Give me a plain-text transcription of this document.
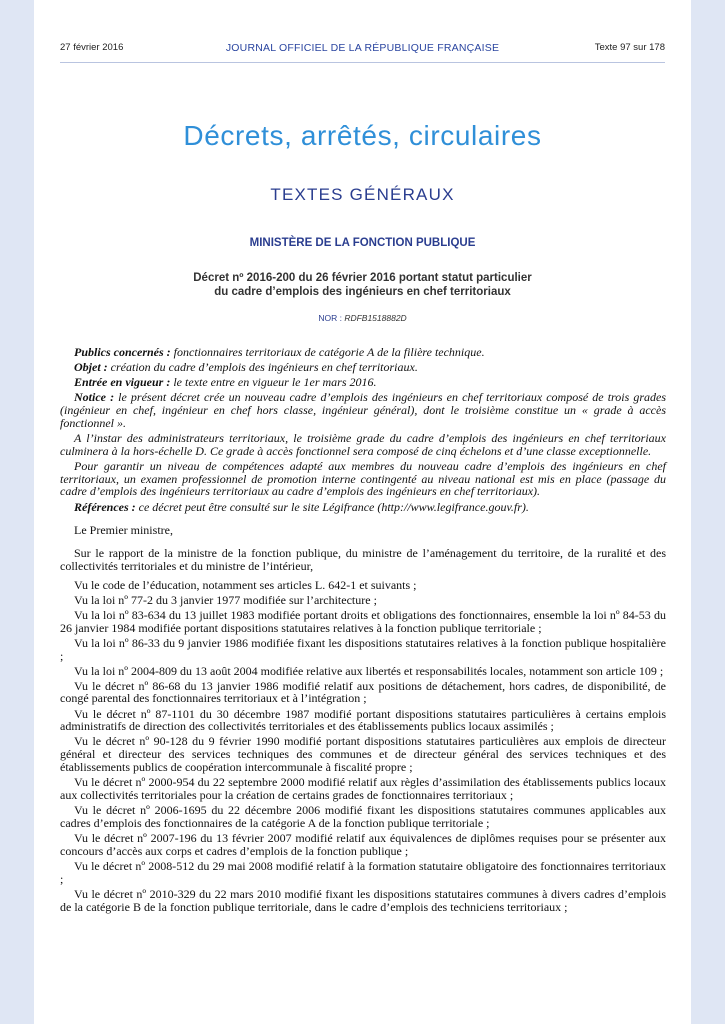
27 février 2016	JOURNAL OFFICIEL DE LA RÉPUBLIQUE FRANÇAISE	Texte 97 sur 178
Décrets, arrêtés, circulaires
TEXTES GÉNÉRAUX
MINISTÈRE DE LA FONCTION PUBLIQUE
Décret nº 2016-200 du 26 février 2016 portant statut particulier
du cadre d’emplois des ingénieurs en chef territoriaux
NOR : RDFB1518882D

Publics concernés : fonctionnaires territoriaux de catégorie A de la filière technique.

Objet : création du cadre d’emplois des ingénieurs en chef territoriaux.

Entrée en vigueur : le texte entre en vigueur le 1er mars 2016.

Notice : le présent décret crée un nouveau cadre d’emplois des ingénieurs en chef territoriaux composé de trois grades (ingénieur en chef, ingénieur en chef hors classe, ingénieur général), dont le troisième constitue un « grade à accès fonctionnel ».

A l’instar des administrateurs territoriaux, le troisième grade du cadre d’emplois des ingénieurs en chef territoriaux culminera à la hors-échelle D. Ce grade à accès fonctionnel sera composé de cinq échelons et d’une classe exceptionnelle.

Pour garantir un niveau de compétences adapté aux membres du nouveau cadre d’emplois des ingénieurs en chef territoriaux, un examen professionnel de promotion interne contingenté au niveau national est mis en place (passage du cadre d’emplois des ingénieurs territoriaux au cadre d’emplois des ingénieurs en chef territoriaux).

Références : ce décret peut être consulté sur le site Légifrance (http://www.legifrance.gouv.fr).

Le Premier ministre,

Sur le rapport de la ministre de la fonction publique, du ministre de l’aménagement du territoire, de la ruralité et des collectivités territoriales et du ministre de l’intérieur,

Vu le code de l’éducation, notamment ses articles L. 642-1 et suivants ;

Vu la loi nº 77-2 du 3 janvier 1977 modifiée sur l’architecture ;

Vu la loi nº 83-634 du 13 juillet 1983 modifiée portant droits et obligations des fonctionnaires, ensemble la loi nº 84-53 du 26 janvier 1984 modifiée portant dispositions statutaires relatives à la fonction publique territoriale ;

Vu la loi nº 86-33 du 9 janvier 1986 modifiée fixant les dispositions statutaires relatives à la fonction publique hospitalière ;

Vu la loi nº 2004-809 du 13 août 2004 modifiée relative aux libertés et responsabilités locales, notamment son article 109 ;

Vu le décret nº 86-68 du 13 janvier 1986 modifié relatif aux positions de détachement, hors cadres, de disponibilité, de congé parental des fonctionnaires territoriaux et à l’intégration ;

Vu le décret nº 87-1101 du 30 décembre 1987 modifié portant dispositions statutaires particulières à certains emplois administratifs de direction des collectivités territoriales et des établissements publics locaux assimilés ;

Vu le décret nº 90-128 du 9 février 1990 modifié portant dispositions statutaires particulières aux emplois de directeur général et directeur des services techniques des communes et de directeur général des services techniques et des établissements publics de coopération intercommunale à fiscalité propre ;

Vu le décret nº 2000-954 du 22 septembre 2000 modifié relatif aux règles d’assimilation des établissements publics locaux aux collectivités territoriales pour la création de certains grades de fonctionnaires territoriaux ;

Vu le décret nº 2006-1695 du 22 décembre 2006 modifié fixant les dispositions statutaires communes applicables aux cadres d’emplois des fonctionnaires de la catégorie A de la fonction publique territoriale ;

Vu le décret nº 2007-196 du 13 février 2007 modifié relatif aux équivalences de diplômes requises pour se présenter aux concours d’accès aux corps et cadres d’emplois de la fonction publique ;

Vu le décret nº 2008-512 du 29 mai 2008 modifié relatif à la formation statutaire obligatoire des fonctionnaires territoriaux ;

Vu le décret nº 2010-329 du 22 mars 2010 modifié fixant les dispositions statutaires communes à divers cadres d’emplois de la catégorie B de la fonction publique territoriale, dans le cadre d’emplois des techniciens territoriaux ;
